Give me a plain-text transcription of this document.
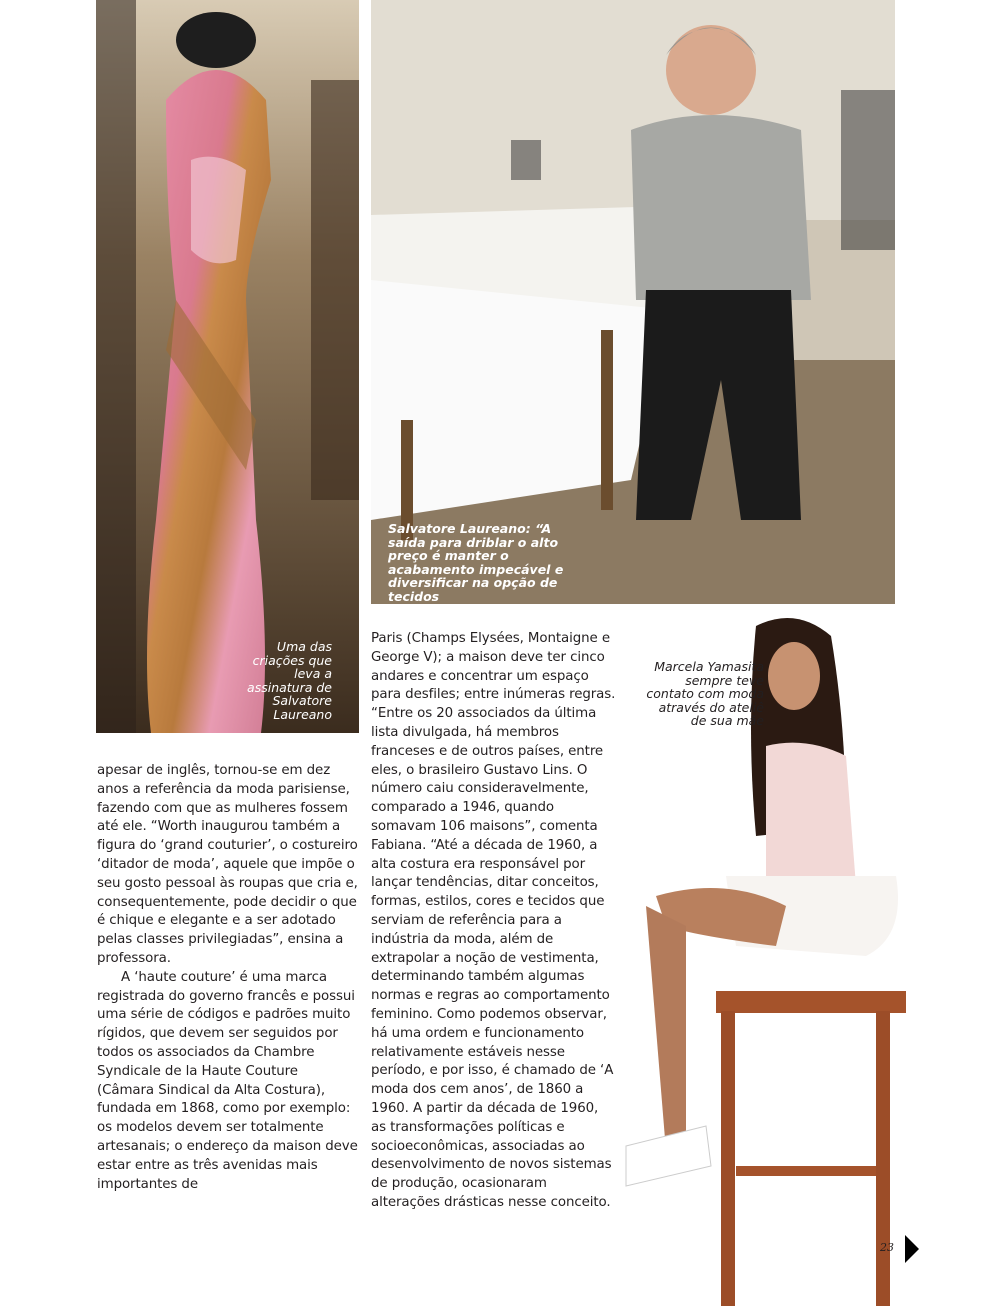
Uma das criações que leva a assinatura de Salvatore Laureano

Salvatore Laureano: “A saída para driblar o alto preço é manter o acabamento impecável e diversificar na opção de tecidos

Marcela Yamasita sempre teve contato com moda através do ateliê de sua mãe

apesar de inglês, tornou-se em dez anos a referência da moda parisiense, fazendo com que as mulheres fossem até ele. “Worth inaugurou também a figura do ‘grand couturier’, o costureiro ‘ditador de moda’, aquele que impõe o seu gosto pessoal às roupas que cria e, consequentemente, pode decidir o que é chique e elegante e a ser adotado pelas classes privilegiadas”, ensina a professora.

A ‘haute couture’ é uma marca registrada do governo francês e possui uma série de códigos e padrões muito rígidos, que devem ser seguidos por todos os associados da Chambre Syndicale de la Haute Couture (Câmara Sindical da Alta Costura), fundada em 1868, como por exemplo: os modelos devem ser totalmente artesanais; o endereço da maison deve estar entre as três avenidas mais importantes de

Paris (Champs Elysées, Montaigne e George V); a maison deve ter cinco andares e concentrar um espaço para desfiles; entre inúmeras regras. “Entre os 20 associados da última lista divulgada, há membros franceses e de outros países, entre eles, o brasileiro Gustavo Lins. O número caiu consideravelmente, comparado a 1946, quando somavam 106 maisons”, comenta Fabiana. “Até a década de 1960, a alta costura era responsável por lançar tendências, ditar conceitos, formas, estilos, cores e tecidos que serviam de referência para a indústria da moda, além de extrapolar a noção de vestimenta, determinando também algumas normas e regras ao comportamento feminino. Como podemos observar, há uma ordem e funcionamento relativamente estáveis nesse período, e por isso, é chamado de ‘A moda dos cem anos’, de 1860 a 1960. A partir da década de 1960, as transformações políticas e socioeconômicas, associadas ao desenvolvimento de novos sistemas de produção, ocasionaram alterações drásticas nesse conceito.

23
